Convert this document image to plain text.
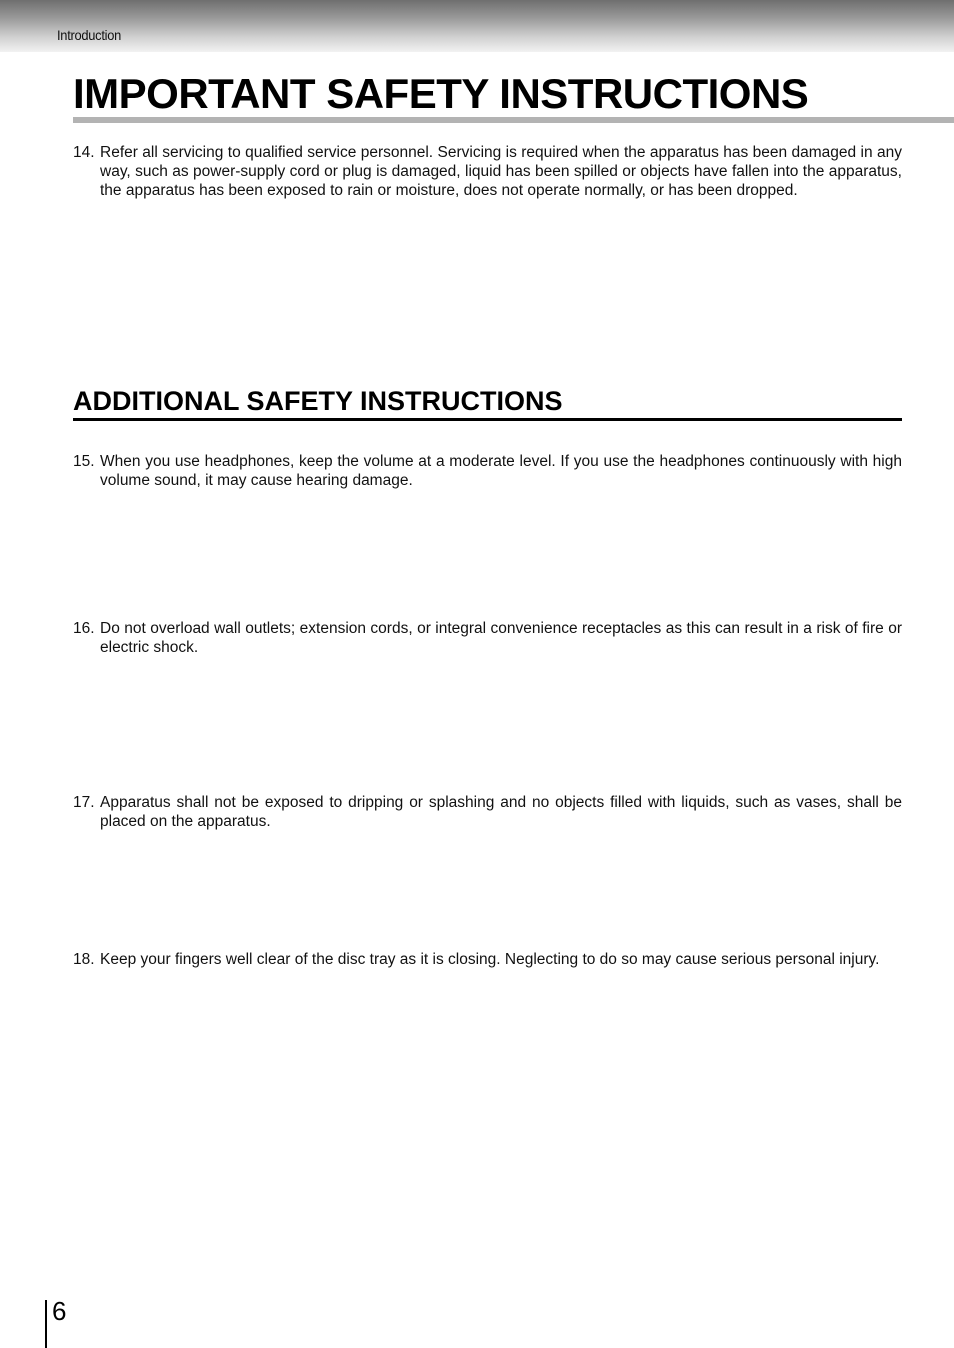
Introduction
IMPORTANT SAFETY INSTRUCTIONS
14. Refer all servicing to qualified service personnel. Servicing is required when the apparatus has been damaged in any way, such as power-supply cord or plug is damaged, liquid has been spilled or objects have fallen into the apparatus, the apparatus has been exposed to rain or moisture, does not operate normally, or has been dropped.
ADDITIONAL SAFETY INSTRUCTIONS
15. When you use headphones, keep the volume at a moderate level. If you use the headphones continuously with high volume sound, it may cause hearing damage.
16. Do not overload wall outlets; extension cords, or integral convenience receptacles as this can result in a risk of fire or electric shock.
17. Apparatus shall not be exposed to dripping or splashing and no objects filled with liquids, such as vases, shall be placed on the apparatus.
18. Keep your fingers well clear of the disc tray as it is closing. Neglecting to do so may cause serious personal injury.
6
